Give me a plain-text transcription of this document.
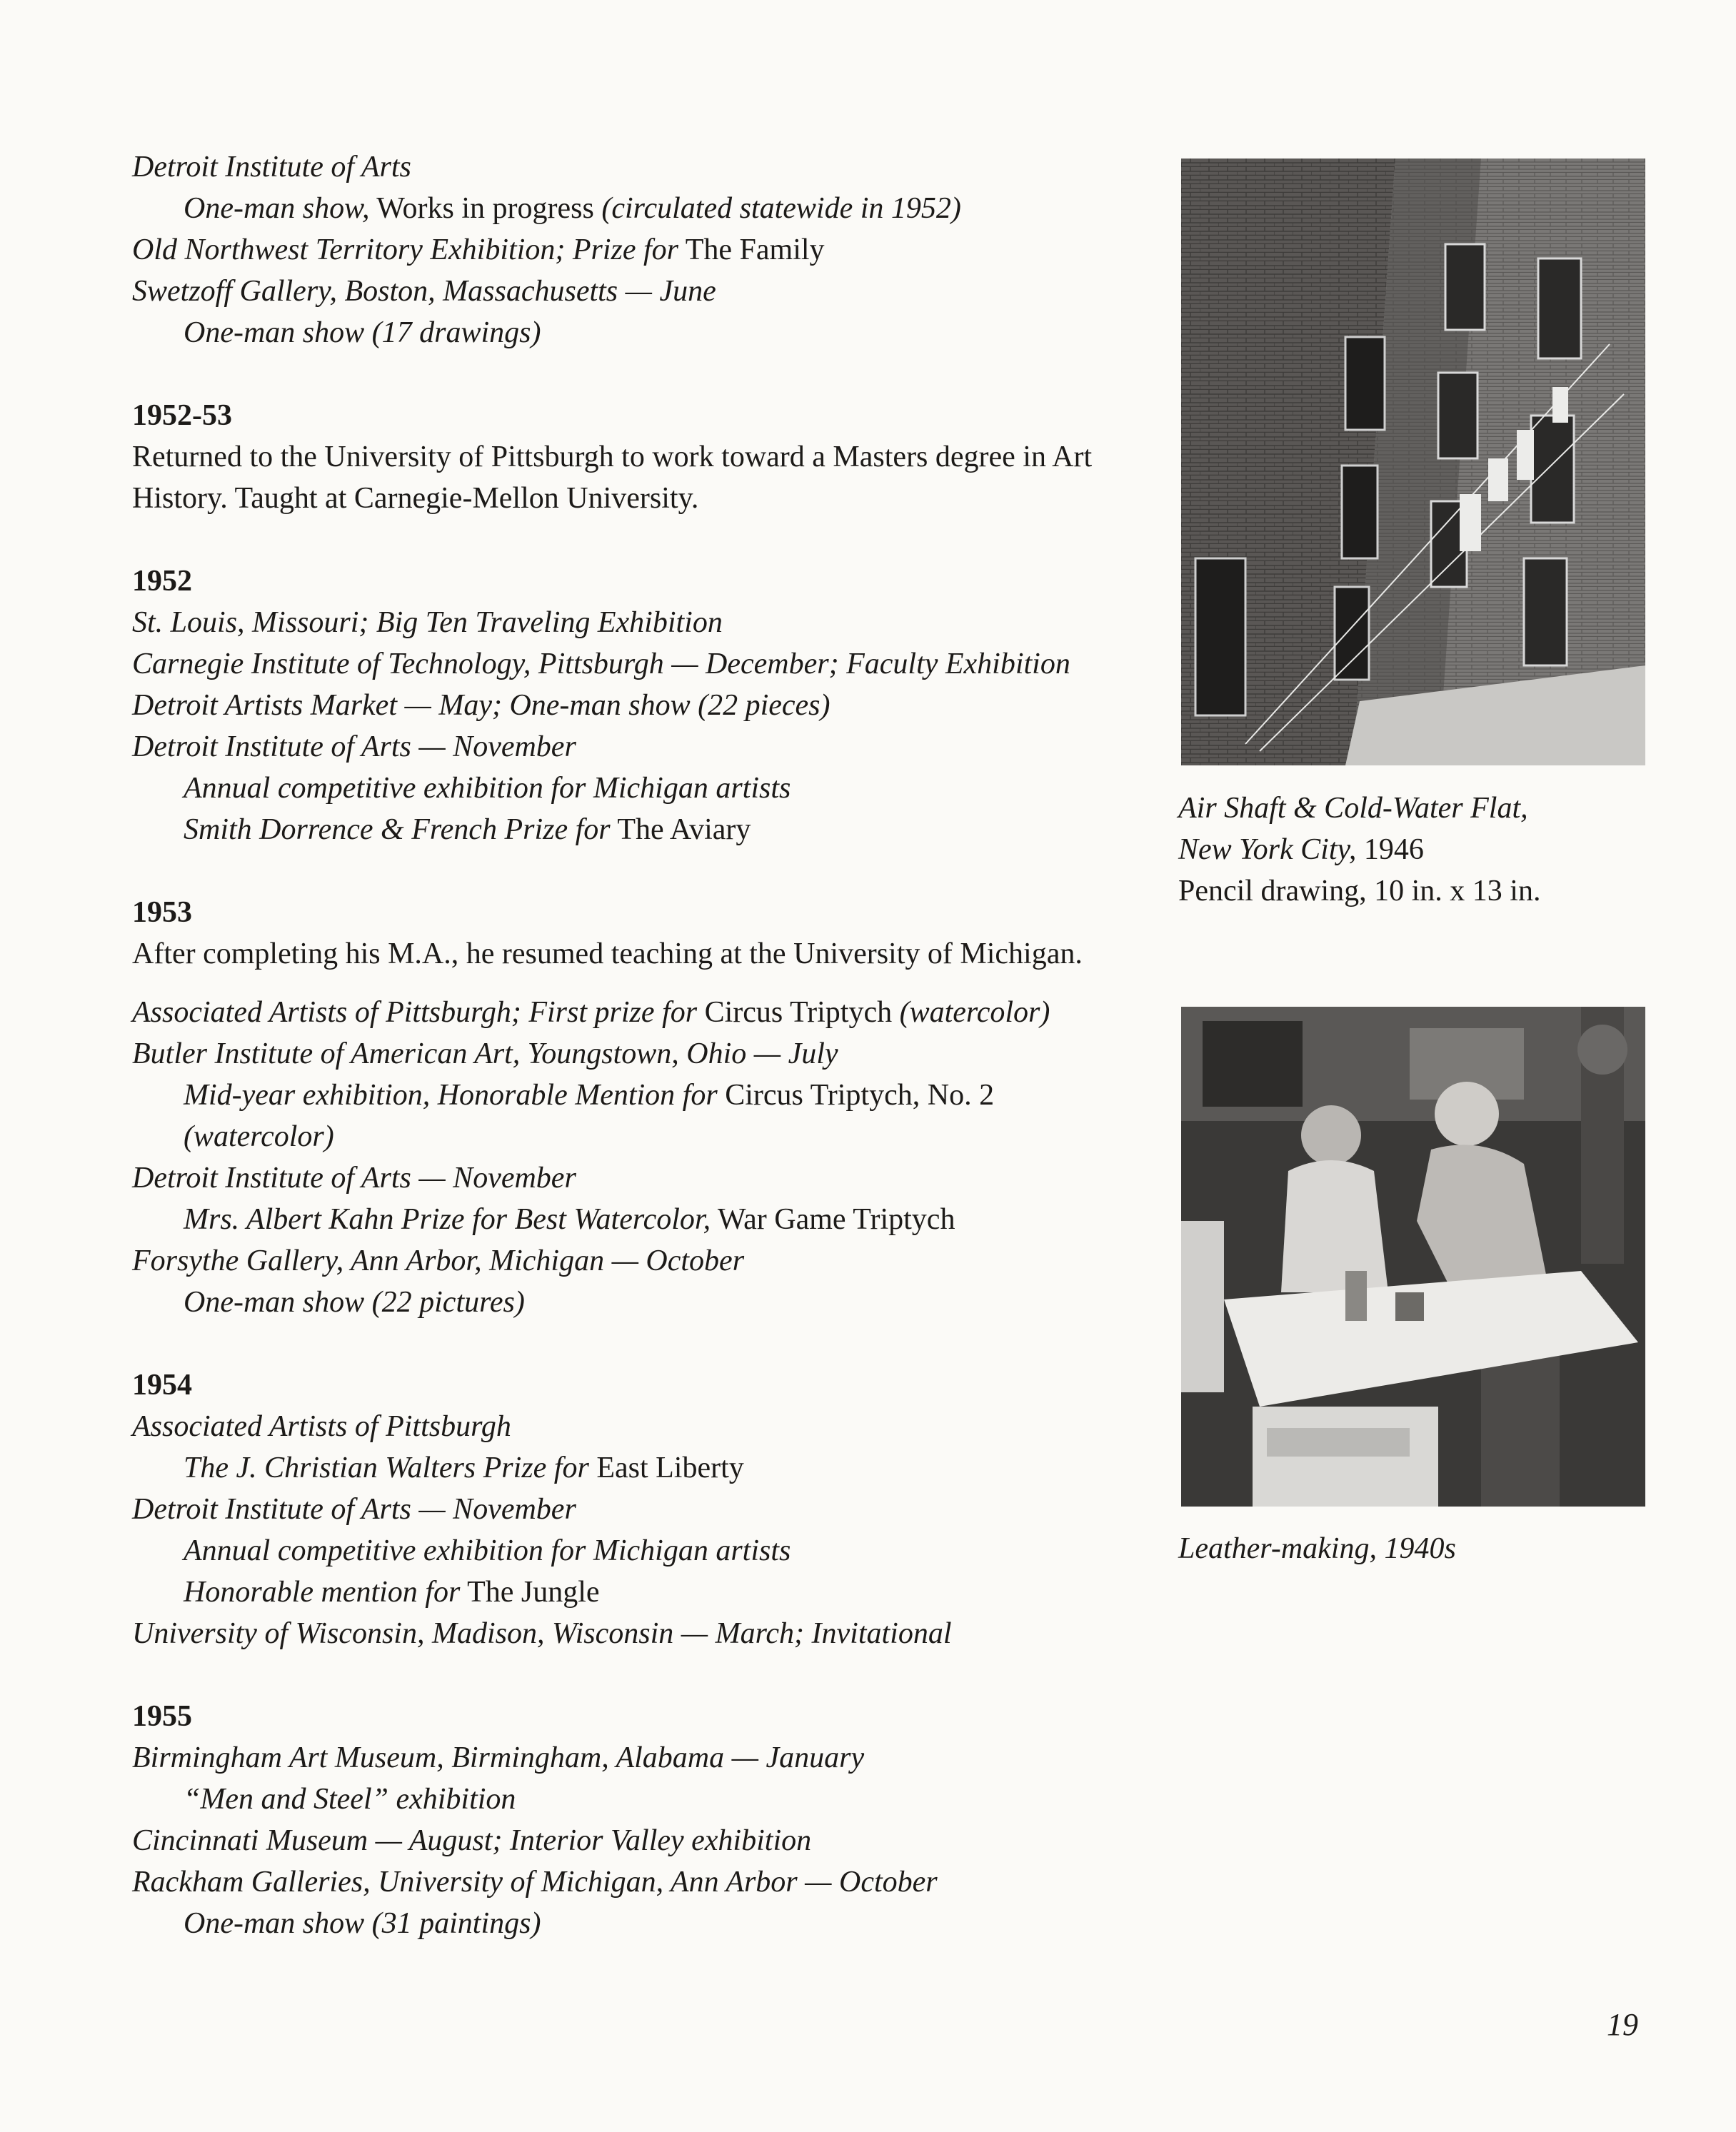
Detroit Institute of Arts
One-man show, Works in progress (circulated statewide in 1952)
Old Northwest Territory Exhibition; Prize for The Family
Swetzoff Gallery, Boston, Massachusetts — June
One-man show (17 drawings)
1952-53
Returned to the University of Pittsburgh to work toward a Masters degree in Art History. Taught at Carnegie-Mellon University.
1952
St. Louis, Missouri; Big Ten Traveling Exhibition
Carnegie Institute of Technology, Pittsburgh — December; Faculty Exhibition
Detroit Artists Market — May; One-man show (22 pieces)
Detroit Institute of Arts — November
Annual competitive exhibition for Michigan artists
Smith Dorrence & French Prize for The Aviary
1953
After completing his M.A., he resumed teaching at the University of Michigan.
Associated Artists of Pittsburgh; First prize for Circus Triptych (watercolor)
Butler Institute of American Art, Youngstown, Ohio — July
Mid-year exhibition, Honorable Mention for Circus Triptych, No. 2
(watercolor)
Detroit Institute of Arts — November
Mrs. Albert Kahn Prize for Best Watercolor, War Game Triptych
Forsythe Gallery, Ann Arbor, Michigan — October
One-man show (22 pictures)
1954
Associated Artists of Pittsburgh
The J. Christian Walters Prize for East Liberty
Detroit Institute of Arts — November
Annual competitive exhibition for Michigan artists
Honorable mention for The Jungle
University of Wisconsin, Madison, Wisconsin — March; Invitational
1955
Birmingham Art Museum, Birmingham, Alabama — January
“Men and Steel” exhibition
Cincinnati Museum — August; Interior Valley exhibition
Rackham Galleries, University of Michigan, Ann Arbor — October
One-man show (31 paintings)
Air Shaft & Cold-Water Flat,
New York City, 1946
Pencil drawing, 10 in. x 13 in.
Leather-making, 1940s
19
